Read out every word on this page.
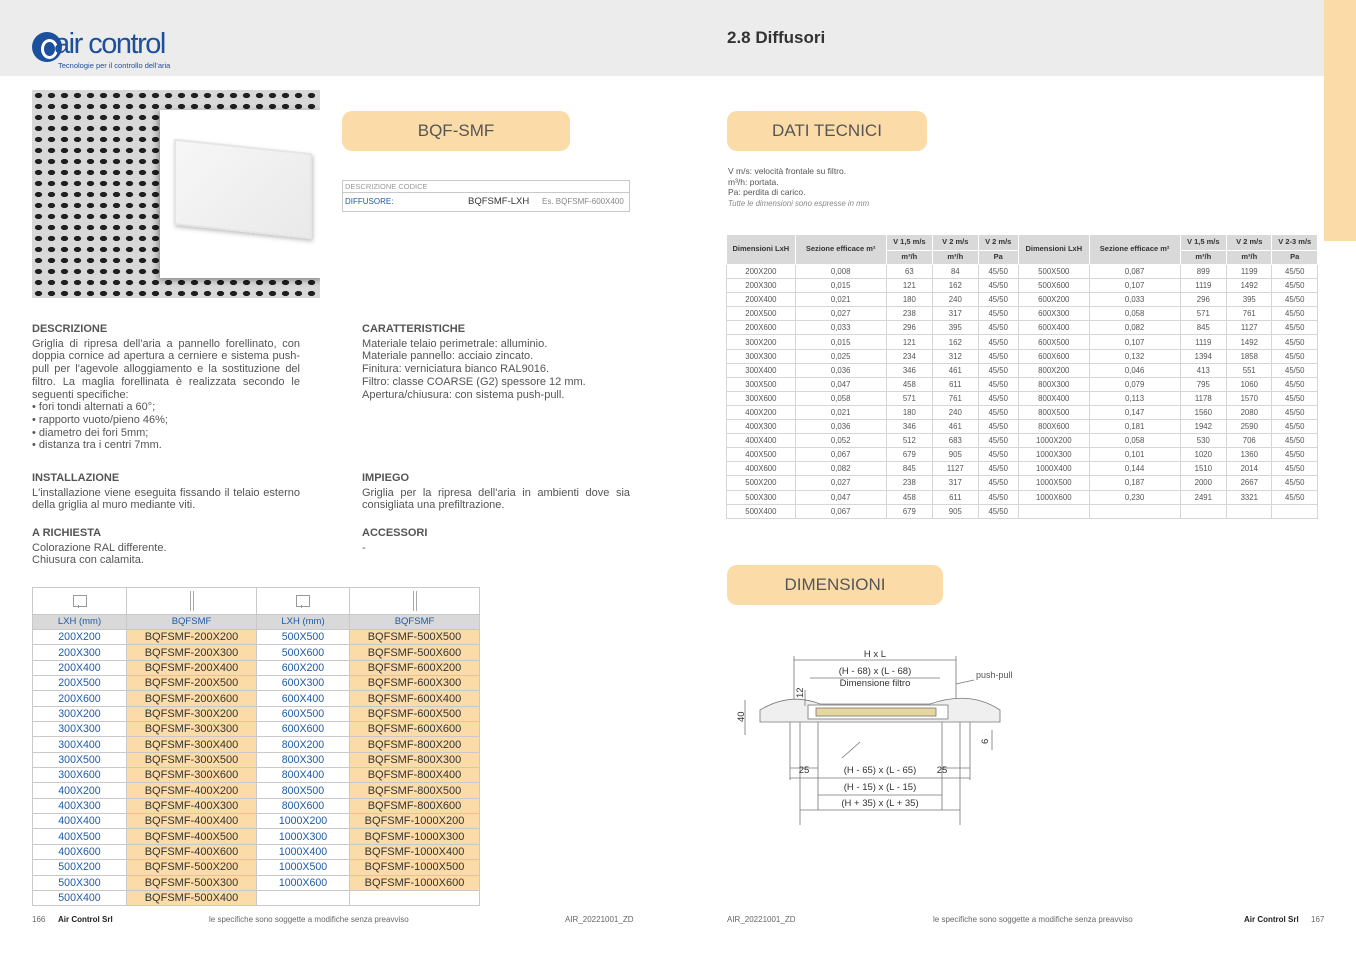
air control
Tecnologie per il controllo dell'aria
2.8 Diffusori
BQF-SMF
DESCRIZIONE CODICE
DIFFUSORE:	BQFSMF-LXH Es. BQFSMF-600X400
DESCRIZIONE
Griglia di ripresa dell'aria a pannello forellinato, con doppia cornice ad apertura a cerniere e sistema push-pull per l'agevole alloggiamento e la sostituzione del filtro. La maglia forellinata è realizzata secondo le seguenti specifiche:
• fori tondi alternati a 60°;
• rapporto vuoto/pieno 46%;
• diametro dei fori 5mm;
• distanza tra i centri 7mm.
CARATTERISTICHE
Materiale telaio perimetrale: alluminio.
Materiale pannello: acciaio zincato.
Finitura: verniciatura bianco RAL9016.
Filtro: classe COARSE (G2) spessore 12 mm.
Apertura/chiusura: con sistema push-pull.
INSTALLAZIONE
L'installazione viene eseguita fissando il telaio esterno della griglia al muro mediante viti.
IMPIEGO
Griglia per la ripresa dell'aria in ambienti dove sia consigliata una prefiltrazione.
A RICHIESTA
Colorazione RAL differente.
Chiusura con calamita.
ACCESSORI
-

LXH (mm)	BQFSMF	LXH (mm)	BQFSMF
200X200	BQFSMF-200X200	500X500	BQFSMF-500X500
200X300	BQFSMF-200X300	500X600	BQFSMF-500X600
200X400	BQFSMF-200X400	600X200	BQFSMF-600X200
200X500	BQFSMF-200X500	600X300	BQFSMF-600X300
200X600	BQFSMF-200X600	600X400	BQFSMF-600X400
300X200	BQFSMF-300X200	600X500	BQFSMF-600X500
300X300	BQFSMF-300X300	600X600	BQFSMF-600X600
300X400	BQFSMF-300X400	800X200	BQFSMF-800X200
300X500	BQFSMF-300X500	800X300	BQFSMF-800X300
300X600	BQFSMF-300X600	800X400	BQFSMF-800X400
400X200	BQFSMF-400X200	800X500	BQFSMF-800X500
400X300	BQFSMF-400X300	800X600	BQFSMF-800X600
400X400	BQFSMF-400X400	1000X200	BQFSMF-1000X200
400X500	BQFSMF-400X500	1000X300	BQFSMF-1000X300
400X600	BQFSMF-400X600	1000X400	BQFSMF-1000X400
500X200	BQFSMF-500X200	1000X500	BQFSMF-1000X500
500X300	BQFSMF-500X300	1000X600	BQFSMF-1000X600
500X400	BQFSMF-500X400		
DATI TECNICI
V m/s: velocità frontale su filtro.
m³/h: portata.
Pa: perdita di carico.
Tutte le dimensioni sono espresse in mm
Dimensioni LxH	Sezione efficace m²	V 1,5 m/s	V 2 m/s	V 2 m/s	Dimensioni LxH	Sezione efficace m²	V 1,5 m/s	V 2 m/s	V 2-3 m/s
		m³/h	m³/h	Pa			m³/h	m³/h	Pa
200X200	0,008	63	84	45/50	500X500	0,087	899	1199	45/50
200X300	0,015	121	162	45/50	500X600	0,107	1119	1492	45/50
200X400	0,021	180	240	45/50	600X200	0,033	296	395	45/50
200X500	0,027	238	317	45/50	600X300	0,058	571	761	45/50
200X600	0,033	296	395	45/50	600X400	0,082	845	1127	45/50
300X200	0,015	121	162	45/50	600X500	0,107	1119	1492	45/50
300X300	0,025	234	312	45/50	600X600	0,132	1394	1858	45/50
300X400	0,036	346	461	45/50	800X200	0,046	413	551	45/50
300X500	0,047	458	611	45/50	800X300	0,079	795	1060	45/50
300X600	0,058	571	761	45/50	800X400	0,113	1178	1570	45/50
400X200	0,021	180	240	45/50	800X500	0,147	1560	2080	45/50
400X300	0,036	346	461	45/50	800X600	0,181	1942	2590	45/50
400X400	0,052	512	683	45/50	1000X200	0,058	530	706	45/50
400X500	0,067	679	905	45/50	1000X300	0,101	1020	1360	45/50
400X600	0,082	845	1127	45/50	1000X400	0,144	1510	2014	45/50
500X200	0,027	238	317	45/50	1000X500	0,187	2000	2667	45/50
500X300	0,047	458	611	45/50	1000X600	0,230	2491	3321	45/50
500X400	0,067	679	905	45/50					
DIMENSIONI
H x L
(H - 68) x (L - 68)
Dimensione filtro
push-pull
12
40
6
25	25
(H - 65) x (L - 65)
(H - 15) x (L - 15)
(H + 35) x (L + 35)
166 Air Control Srl	le specifiche sono soggette a modifiche senza preavviso	AIR_20221001_ZD	AIR_20221001_ZD	le specifiche sono soggette a modifiche senza preavviso	Air Control Srl 167
